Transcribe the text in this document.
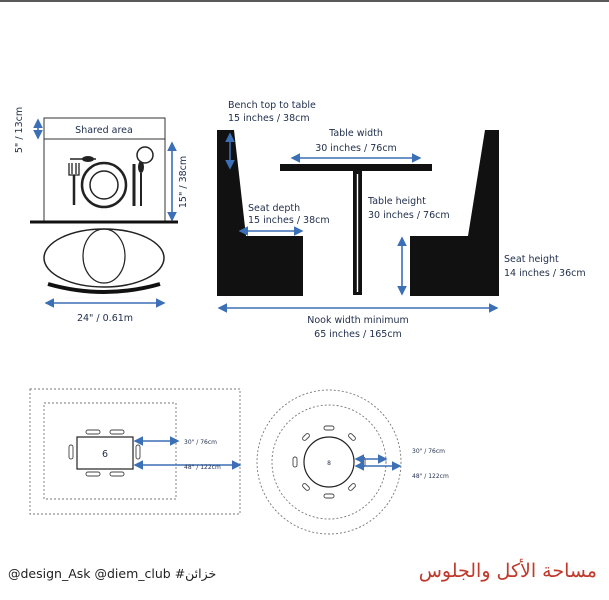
Shared area
5" / 13cm
15" / 38cm
24" / 0.61m
Bench top to table
15 inches / 38cm
Table width
30 inches / 76cm
Seat depth
15 inches / 38cm
Table height
30 inches / 76cm
Seat height
14 inches / 36cm
Nook width minimum
65 inches / 165cm
6
30" / 76cm
48" / 122cm
8
30" / 76cm
48" / 122cm
@design_Ask @diem_club #خزائن	مساحة الأكل والجلوس
